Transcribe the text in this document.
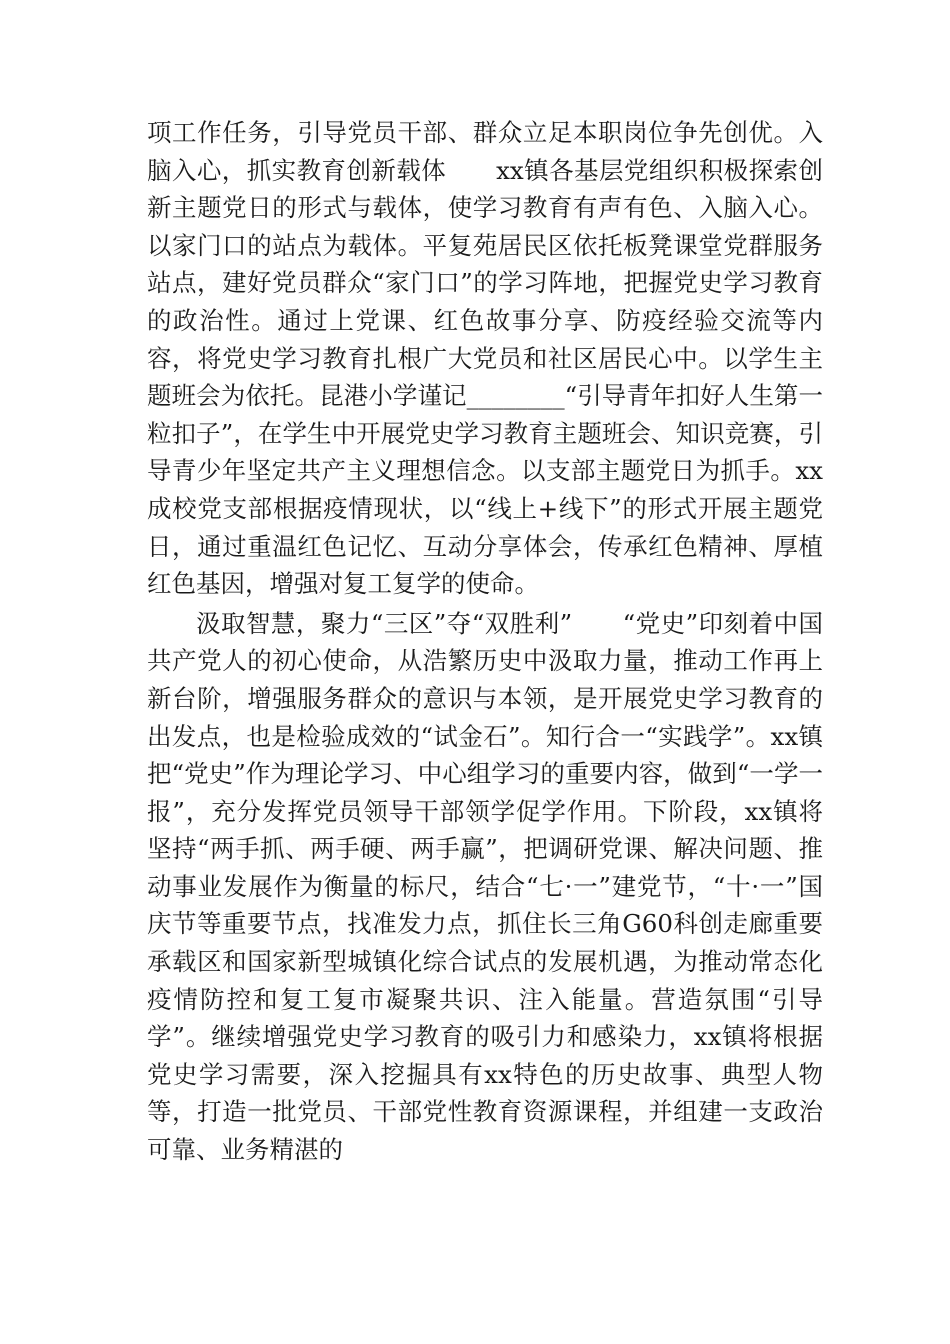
项工作任务，引导党员干部、群众立足本职岗位争先创优。入脑入心，抓实教育创新载体　　xx镇各基层党组织积极探索创新主题党日的形式与载体，使学习教育有声有色、入脑入心。以家门口的站点为载体。平复苑居民区依托板凳课堂党群服务站点，建好党员群众“家门口”的学习阵地，把握党史学习教育的政治性。通过上党课、红色故事分享、防疫经验交流等内容，将党史学习教育扎根广大党员和社区居民心中。以学生主题班会为依托。昆港小学谨记________“引导青年扣好人生第一粒扣子”，在学生中开展党史学习教育主题班会、知识竞赛，引导青少年坚定共产主义理想信念。以支部主题党日为抓手。xx成校党支部根据疫情现状，以“线上+线下”的形式开展主题党日，通过重温红色记忆、互动分享体会，传承红色精神、厚植红色基因，增强对复工复学的使命。

汲取智慧，聚力“三区”夺“双胜利”　　“党史”印刻着中国共产党人的初心使命，从浩繁历史中汲取力量，推动工作再上新台阶，增强服务群众的意识与本领，是开展党史学习教育的出发点，也是检验成效的“试金石”。知行合一“实践学”。xx镇把“党史”作为理论学习、中心组学习的重要内容，做到“一学一报”，充分发挥党员领导干部领学促学作用。下阶段，xx镇将坚持“两手抓、两手硬、两手赢”，把调研党课、解决问题、推动事业发展作为衡量的标尺，结合“七·一”建党节，“十·一”国庆节等重要节点，找准发力点，抓住长三角G60科创走廊重要承载区和国家新型城镇化综合试点的发展机遇，为推动常态化疫情防控和复工复市凝聚共识、注入能量。营造氛围“引导学”。继续增强党史学习教育的吸引力和感染力，xx镇将根据党史学习需要，深入挖掘具有xx特色的历史故事、典型人物等，打造一批党员、干部党性教育资源课程，并组建一支政治可靠、业务精湛的
